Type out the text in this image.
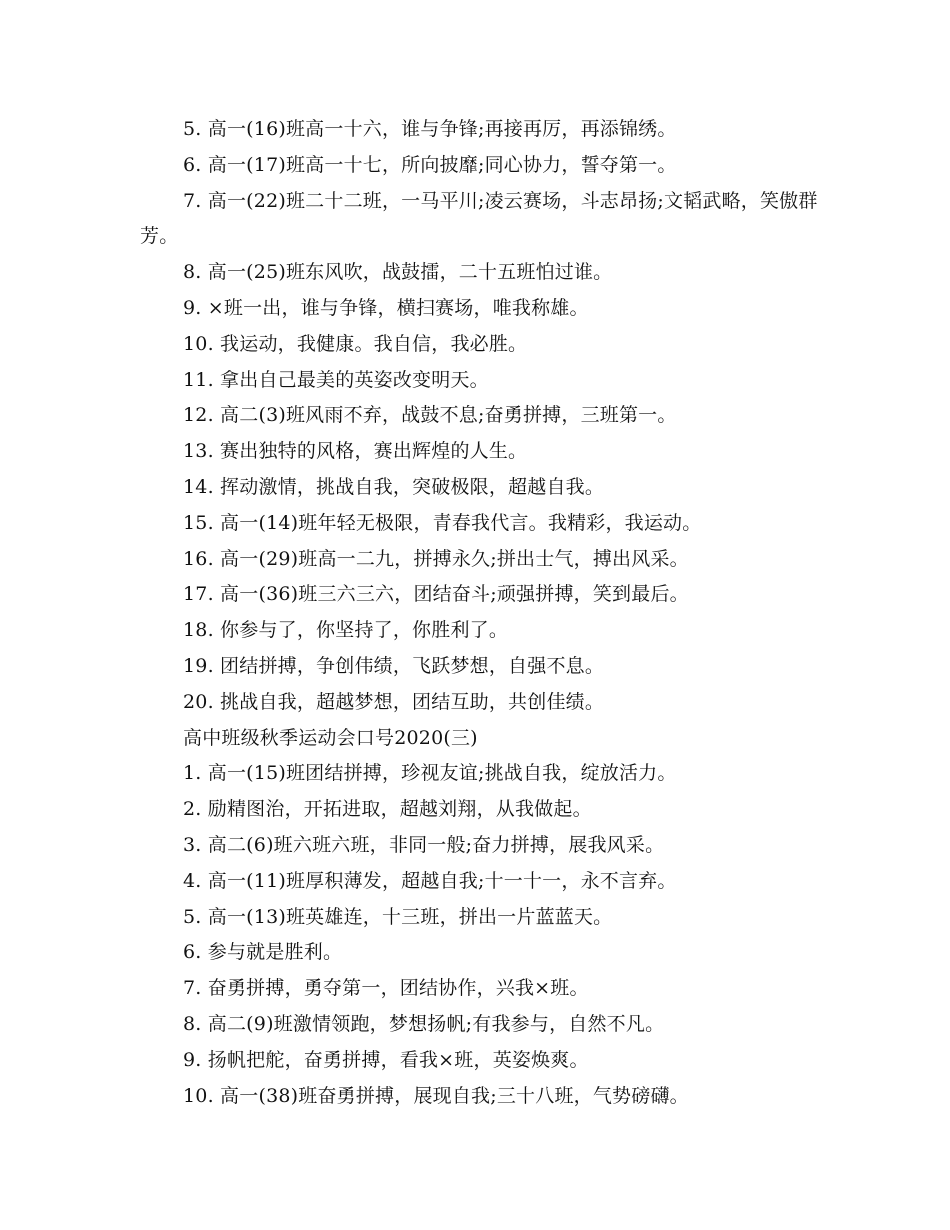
5. 高一(16)班高一十六，谁与争锋;再接再厉，再添锦绣。
6. 高一(17)班高一十七，所向披靡;同心协力，誓夺第一。
7. 高一(22)班二十二班，一马平川;凌云赛场，斗志昂扬;文韬武略，笑傲群芳。
8. 高一(25)班东风吹，战鼓擂，二十五班怕过谁。
9. ×班一出，谁与争锋，横扫赛场，唯我称雄。
10. 我运动，我健康。我自信，我必胜。
11. 拿出自己最美的英姿改变明天。
12. 高二(3)班风雨不弃，战鼓不息;奋勇拼搏，三班第一。
13. 赛出独特的风格，赛出辉煌的人生。
14. 挥动激情，挑战自我，突破极限，超越自我。
15. 高一(14)班年轻无极限，青春我代言。我精彩，我运动。
16. 高一(29)班高一二九，拼搏永久;拼出士气，搏出风采。
17. 高一(36)班三六三六，团结奋斗;顽强拼搏，笑到最后。
18. 你参与了，你坚持了，你胜利了。
19. 团结拼搏，争创伟绩，飞跃梦想，自强不息。
20. 挑战自我，超越梦想，团结互助，共创佳绩。
高中班级秋季运动会口号2020(三)
1. 高一(15)班团结拼搏，珍视友谊;挑战自我，绽放活力。
2. 励精图治，开拓进取，超越刘翔，从我做起。
3. 高二(6)班六班六班，非同一般;奋力拼搏，展我风采。
4. 高一(11)班厚积薄发，超越自我;十一十一，永不言弃。
5. 高一(13)班英雄连，十三班，拼出一片蓝蓝天。
6. 参与就是胜利。
7. 奋勇拼搏，勇夺第一，团结协作，兴我×班。
8. 高二(9)班激情领跑，梦想扬帆;有我参与，自然不凡。
9. 扬帆把舵，奋勇拼搏，看我×班，英姿焕爽。
10. 高一(38)班奋勇拼搏，展现自我;三十八班，气势磅礴。
